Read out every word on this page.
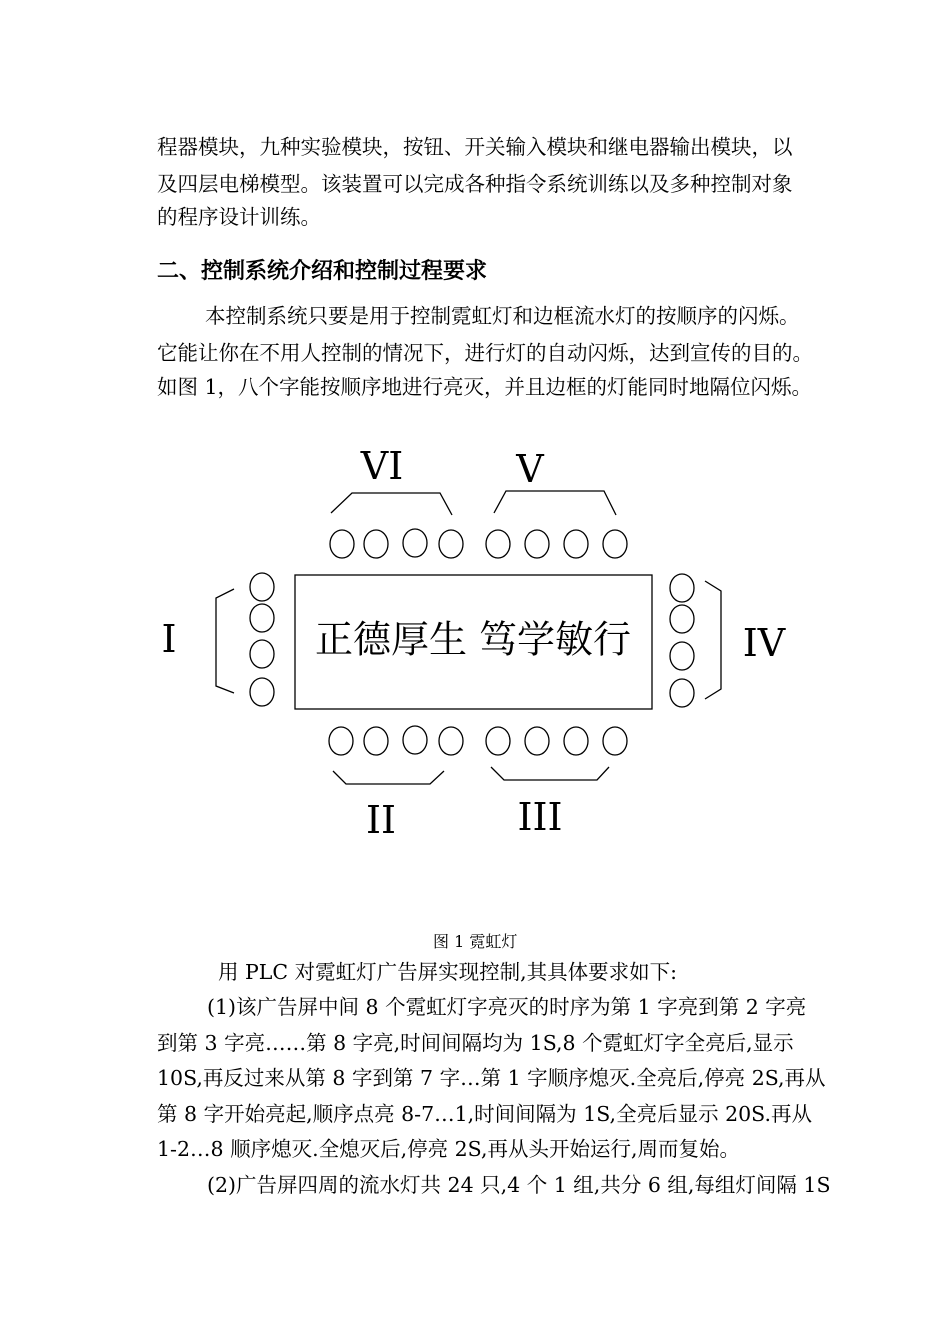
程器模块，九种实验模块，按钮、开关输入模块和继电器输出模块，以
及四层电梯模型。该装置可以完成各种指令系统训练以及多种控制对象
的程序设计训练。
二、控制系统介绍和控制过程要求
本控制系统只要是用于控制霓虹灯和边框流水灯的按顺序的闪烁。
它能让你在不用人控制的情况下，进行灯的自动闪烁，达到宣传的目的。
如图 1，八个字能按顺序地进行亮灭，并且边框的灯能同时地隔位闪烁。
正德厚生 笃学敏行
VI	V
I	IV
II	III
图 1 霓虹灯
用 PLC 对霓虹灯广告屏实现控制,其具体要求如下:
(1)该广告屏中间 8 个霓虹灯字亮灭的时序为第 1 字亮到第 2 字亮
到第 3 字亮……第 8 字亮,时间间隔均为 1S,8 个霓虹灯字全亮后,显示
10S,再反过来从第 8 字到第 7 字…第 1 字顺序熄灭.全亮后,停亮 2S,再从
第 8 字开始亮起,顺序点亮 8-7…1,时间间隔为 1S,全亮后显示 20S.再从
1-2…8 顺序熄灭.全熄灭后,停亮 2S,再从头开始运行,周而复始。
(2)广告屏四周的流水灯共 24 只,4 个 1 组,共分 6 组,每组灯间隔 1S
